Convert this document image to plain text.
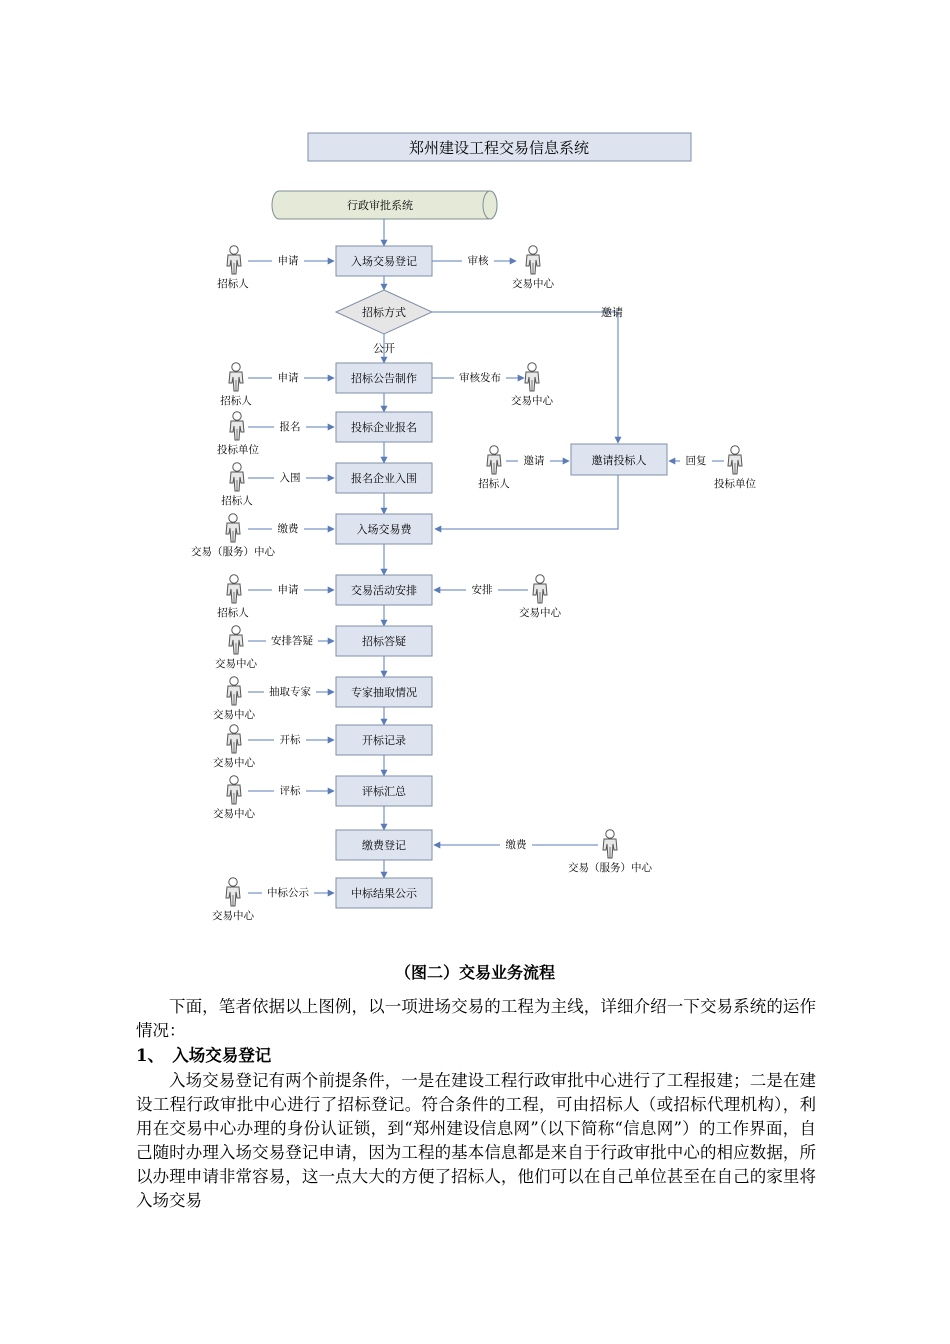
郑州建设工程交易信息系统
行政审批系统
入场交易登记
招标方式
招标公告制作
投标企业报名
报名企业入围
入场交易费
交易活动安排
招标答疑
专家抽取情况
开标记录
评标汇总
缴费登记
中标结果公示
邀请投标人
公开
邀请
申请	审核
申请	审核发布
报名
入围
缴费
邀请	回复
申请	安排
安排答疑
抽取专家
开标
评标
缴费
中标公示
招标人	交易中心
招标人	交易中心
投标单位
招标人
交易（服务）中心
招标人	投标单位
招标人	交易中心
交易中心
交易中心
交易中心
交易中心
交易（服务）中心
交易中心
（图二）交易业务流程
下面，笔者依据以上图例，以一项进场交易的工程为主线，详细介绍一下交易系统的运作情况：
1、　入场交易登记
入场交易登记有两个前提条件，一是在建设工程行政审批中心进行了工程报建；二是在建设工程行政审批中心进行了招标登记。符合条件的工程，可由招标人（或招标代理机构），利用在交易中心办理的身份认证锁，到“郑州建设信息网”（以下简称“信息网”）的工作界面，自己随时办理入场交易登记申请，因为工程的基本信息都是来自于行政审批中心的相应数据，所以办理申请非常容易，这一点大大的方便了招标人，他们可以在自己单位甚至在自己的家里将入场交易
